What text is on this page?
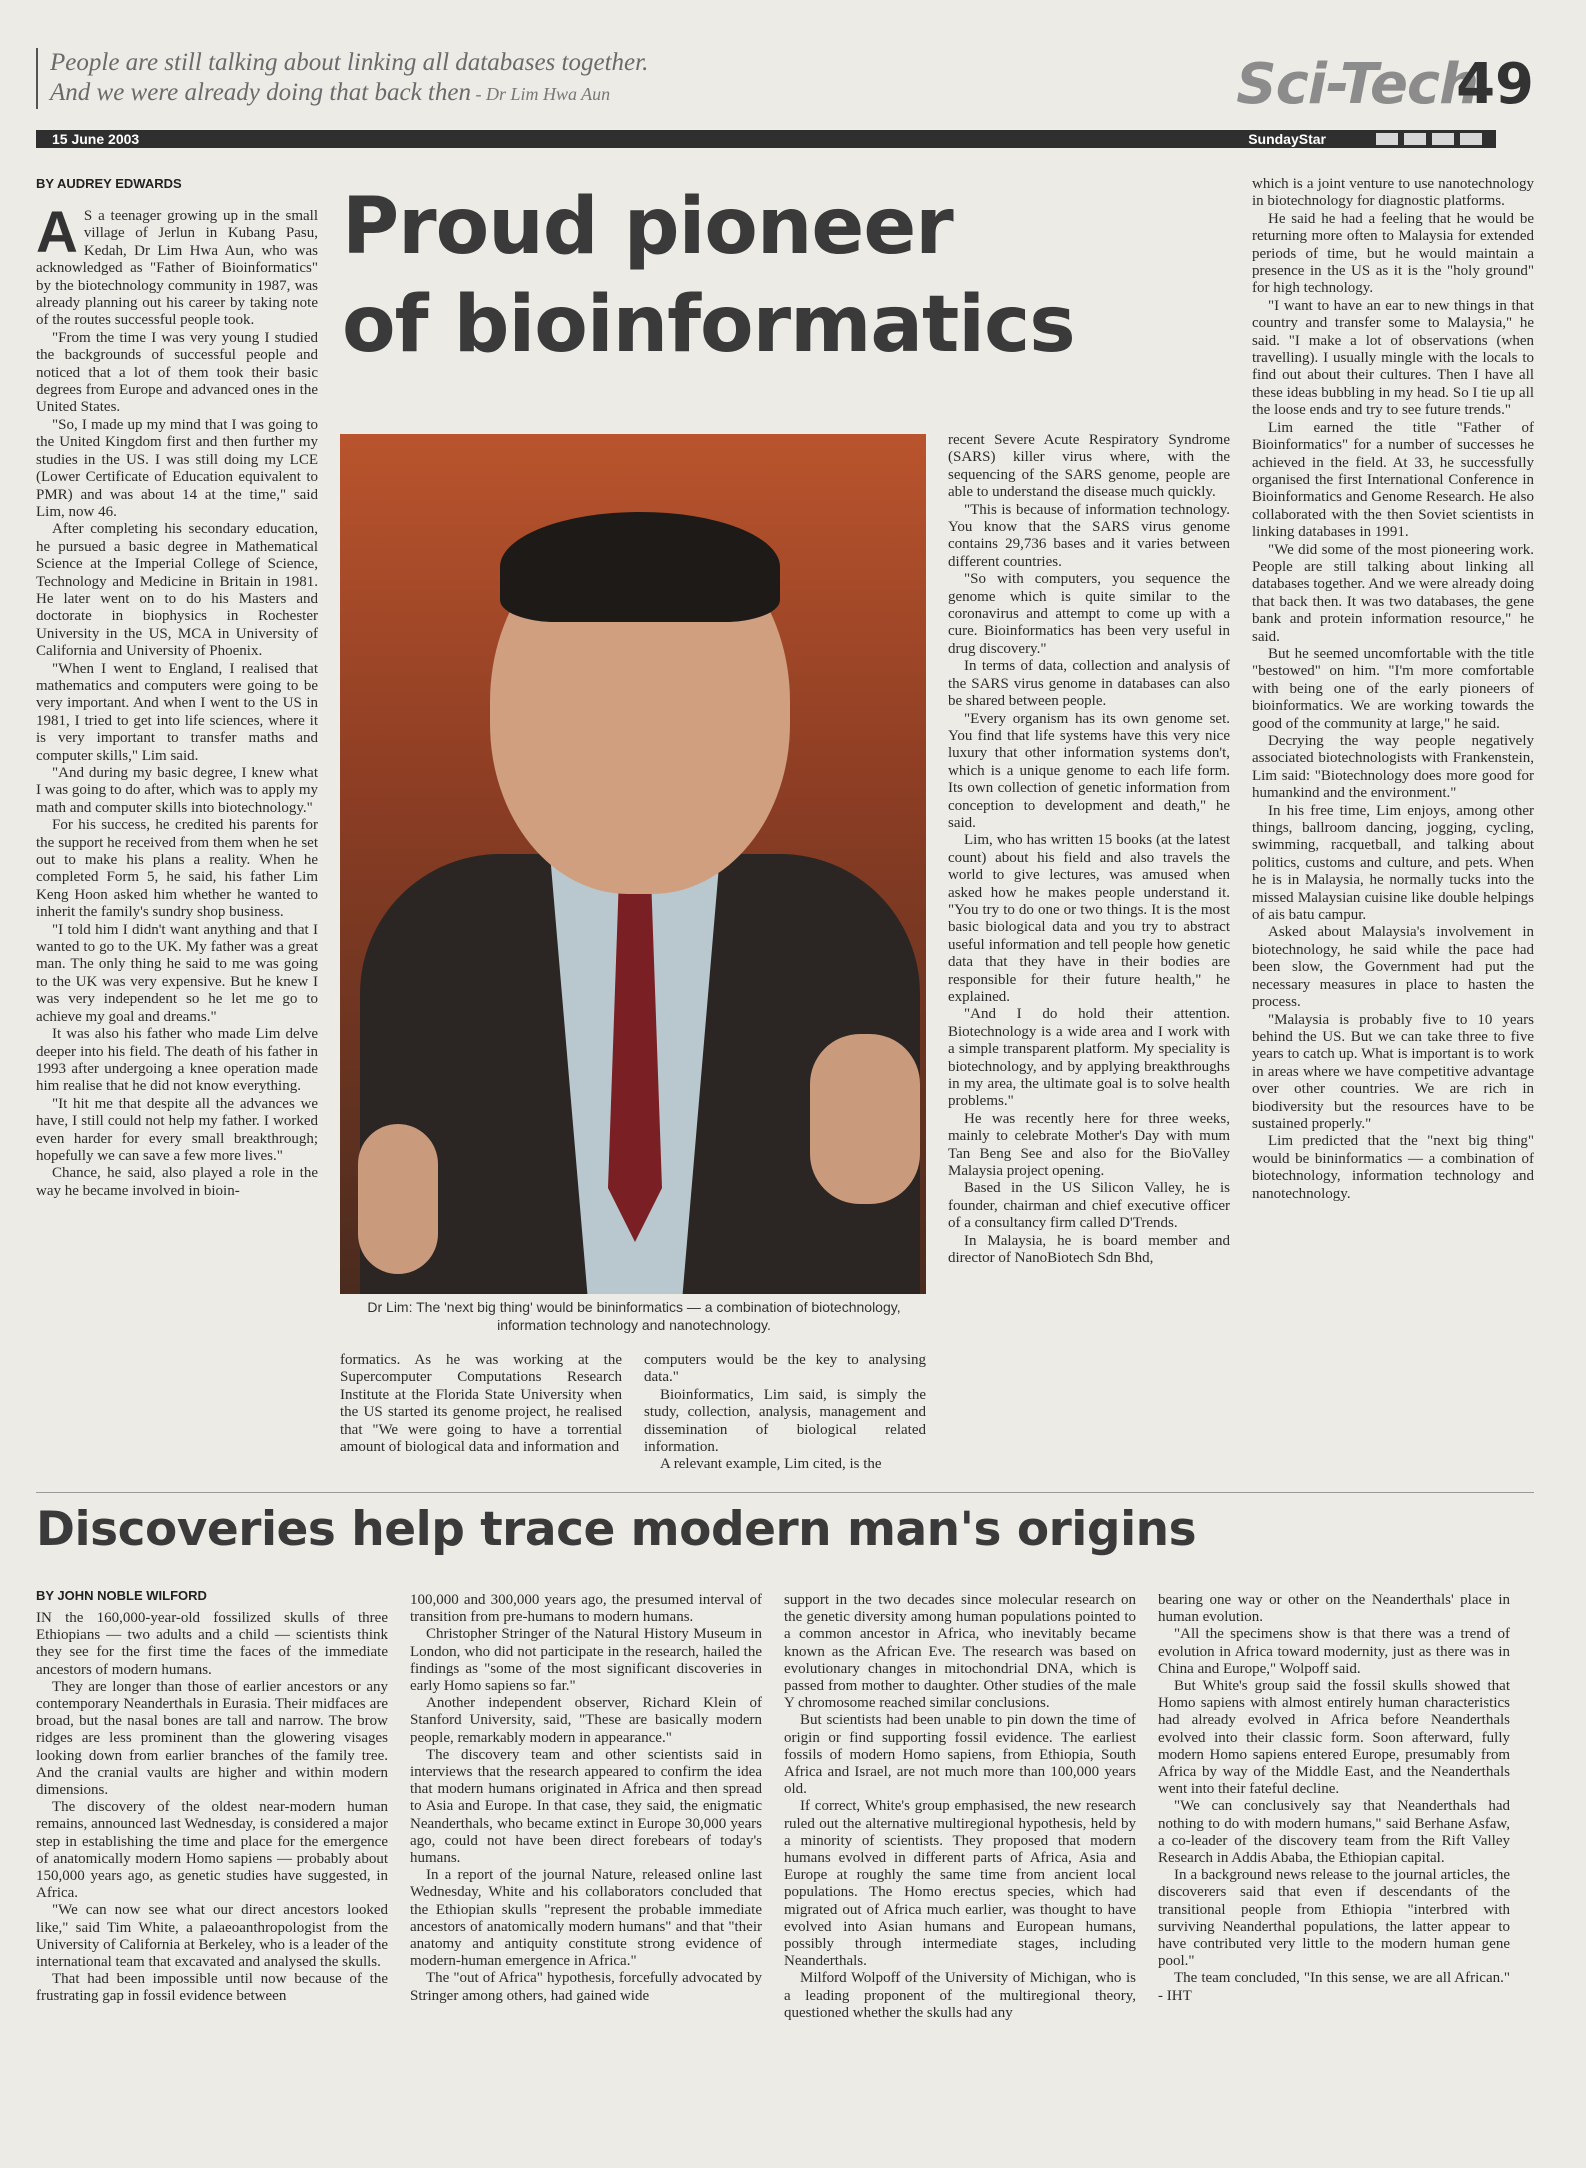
People are still talking about linking all databases together.
And we were already doing that back then - Dr Lim Hwa Aun	Sci-Tech
49
15 June 2003	SundayStar
BY AUDREY EDWARDS Proud pioneer
of bioinformatics

A S a teenager growing up in the small village of Jerlun in Kubang Pasu, Kedah, Dr Lim Hwa Aun, who was acknowledged as "Father of Bioinformatics" by the biotechnology community in 1987, was already planning out his career by taking note of the routes successful people took.

"From the time I was very young I studied the backgrounds of successful people and noticed that a lot of them took their basic degrees from Europe and advanced ones in the United States.

"So, I made up my mind that I was going to the United Kingdom first and then further my studies in the US. I was still doing my LCE (Lower Certificate of Education equivalent to PMR) and was about 14 at the time," said Lim, now 46.

After completing his secondary education, he pursued a basic degree in Mathematical Science at the Imperial College of Science, Technology and Medicine in Britain in 1981. He later went on to do his Masters and doctorate in biophysics in Rochester University in the US, MCA in University of California and University of Phoenix.

"When I went to England, I realised that mathematics and computers were going to be very important. And when I went to the US in 1981, I tried to get into life sciences, where it is very important to transfer maths and computer skills," Lim said.

"And during my basic degree, I knew what I was going to do after, which was to apply my math and computer skills into biotechnology."

For his success, he credited his parents for the support he received from them when he set out to make his plans a reality. When he completed Form 5, he said, his father Lim Keng Hoon asked him whether he wanted to inherit the family's sundry shop business.

"I told him I didn't want anything and that I wanted to go to the UK. My father was a great man. The only thing he said to me was going to the UK was very expensive. But he knew I was very independent so he let me go to achieve my goal and dreams."

It was also his father who made Lim delve deeper into his field. The death of his father in 1993 after undergoing a knee operation made him realise that he did not know everything.

"It hit me that despite all the advances we have, I still could not help my father. I worked even harder for every small breakthrough; hopefully we can save a few more lives."

Chance, he said, also played a role in the way he became involved in bioin-

Dr Lim: The 'next big thing' would be bininformatics — a combination of biotechnology, information technology and nanotechnology.

formatics. As he was working at the Supercomputer Computations Research Institute at the Florida State University when the US started its genome project, he realised that "We were going to have a torrential amount of biological data and information and

computers would be the key to analysing data."

Bioinformatics, Lim said, is simply the study, collection, analysis, management and dissemination of biological related information.

A relevant example, Lim cited, is the

recent Severe Acute Respiratory Syndrome (SARS) killer virus where, with the sequencing of the SARS genome, people are able to understand the disease much quickly.

"This is because of information technology. You know that the SARS virus genome contains 29,736 bases and it varies between different countries.

"So with computers, you sequence the genome which is quite similar to the coronavirus and attempt to come up with a cure. Bioinformatics has been very useful in drug discovery."

In terms of data, collection and analysis of the SARS virus genome in databases can also be shared between people.

"Every organism has its own genome set. You find that life systems have this very nice luxury that other information systems don't, which is a unique genome to each life form. Its own collection of genetic information from conception to development and death," he said.

Lim, who has written 15 books (at the latest count) about his field and also travels the world to give lectures, was amused when asked how he makes people understand it. "You try to do one or two things. It is the most basic biological data and you try to abstract useful information and tell people how genetic data that they have in their bodies are responsible for their future health," he explained.

"And I do hold their attention. Biotechnology is a wide area and I work with a simple transparent platform. My speciality is biotechnology, and by applying breakthroughs in my area, the ultimate goal is to solve health problems."

He was recently here for three weeks, mainly to celebrate Mother's Day with mum Tan Beng See and also for the BioValley Malaysia project opening.

Based in the US Silicon Valley, he is founder, chairman and chief executive officer of a consultancy firm called D'Trends.

In Malaysia, he is board member and director of NanoBiotech Sdn Bhd,

which is a joint venture to use nanotechnology in biotechnology for diagnostic platforms.

He said he had a feeling that he would be returning more often to Malaysia for extended periods of time, but he would maintain a presence in the US as it is the "holy ground" for high technology.

"I want to have an ear to new things in that country and transfer some to Malaysia," he said. "I make a lot of observations (when travelling). I usually mingle with the locals to find out about their cultures. Then I have all these ideas bubbling in my head. So I tie up all the loose ends and try to see future trends."

Lim earned the title "Father of Bioinformatics" for a number of successes he achieved in the field. At 33, he successfully organised the first International Conference in Bioinformatics and Genome Research. He also collaborated with the then Soviet scientists in linking databases in 1991.

"We did some of the most pioneering work. People are still talking about linking all databases together. And we were already doing that back then. It was two databases, the gene bank and protein information resource," he said.

But he seemed uncomfortable with the title "bestowed" on him. "I'm more comfortable with being one of the early pioneers of bioinformatics. We are working towards the good of the community at large," he said.

Decrying the way people negatively associated biotechnologists with Frankenstein, Lim said: "Biotechnology does more good for humankind and the environment."

In his free time, Lim enjoys, among other things, ballroom dancing, jogging, cycling, swimming, racquetball, and talking about politics, customs and culture, and pets. When he is in Malaysia, he normally tucks into the missed Malaysian cuisine like double helpings of ais batu campur.

Asked about Malaysia's involvement in biotechnology, he said while the pace had been slow, the Government had put the necessary measures in place to hasten the process.

"Malaysia is probably five to 10 years behind the US. But we can take three to five years to catch up. What is important is to work in areas where we have competitive advantage over other countries. We are rich in biodiversity but the resources have to be sustained properly."

Lim predicted that the "next big thing" would be bininformatics — a combination of biotechnology, information technology and nanotechnology.

Discoveries help trace modern man's origins
BY JOHN NOBLE WILFORD

IN the 160,000-year-old fossilized skulls of three Ethiopians — two adults and a child — scientists think they see for the first time the faces of the immediate ancestors of modern humans.

They are longer than those of earlier ancestors or any contemporary Neanderthals in Eurasia. Their midfaces are broad, but the nasal bones are tall and narrow. The brow ridges are less prominent than the glowering visages looking down from earlier branches of the family tree. And the cranial vaults are higher and within modern dimensions.

The discovery of the oldest near-modern human remains, announced last Wednesday, is considered a major step in establishing the time and place for the emergence of anatomically modern Homo sapiens — probably about 150,000 years ago, as genetic studies have suggested, in Africa.

"We can now see what our direct ancestors looked like," said Tim White, a palaeoanthropologist from the University of California at Berkeley, who is a leader of the international team that excavated and analysed the skulls.

That had been impossible until now because of the frustrating gap in fossil evidence between

100,000 and 300,000 years ago, the presumed interval of transition from pre-humans to modern humans.

Christopher Stringer of the Natural History Museum in London, who did not participate in the research, hailed the findings as "some of the most significant discoveries in early Homo sapiens so far."

Another independent observer, Richard Klein of Stanford University, said, "These are basically modern people, remarkably modern in appearance."

The discovery team and other scientists said in interviews that the research appeared to confirm the idea that modern humans originated in Africa and then spread to Asia and Europe. In that case, they said, the enigmatic Neanderthals, who became extinct in Europe 30,000 years ago, could not have been direct forebears of today's humans.

In a report of the journal Nature, released online last Wednesday, White and his collaborators concluded that the Ethiopian skulls "represent the probable immediate ancestors of anatomically modern humans" and that "their anatomy and antiquity constitute strong evidence of modern-human emergence in Africa."

The "out of Africa" hypothesis, forcefully advocated by Stringer among others, had gained wide

support in the two decades since molecular research on the genetic diversity among human populations pointed to a common ancestor in Africa, who inevitably became known as the African Eve. The research was based on evolutionary changes in mitochondrial DNA, which is passed from mother to daughter. Other studies of the male Y chromosome reached similar conclusions.

But scientists had been unable to pin down the time of origin or find supporting fossil evidence. The earliest fossils of modern Homo sapiens, from Ethiopia, South Africa and Israel, are not much more than 100,000 years old.

If correct, White's group emphasised, the new research ruled out the alternative multiregional hypothesis, held by a minority of scientists. They proposed that modern humans evolved in different parts of Africa, Asia and Europe at roughly the same time from ancient local populations. The Homo erectus species, which had migrated out of Africa much earlier, was thought to have evolved into Asian humans and European humans, possibly through intermediate stages, including Neanderthals.

Milford Wolpoff of the University of Michigan, who is a leading proponent of the multiregional theory, questioned whether the skulls had any

bearing one way or other on the Neanderthals' place in human evolution.

"All the specimens show is that there was a trend of evolution in Africa toward modernity, just as there was in China and Europe," Wolpoff said.

But White's group said the fossil skulls showed that Homo sapiens with almost entirely human characteristics had already evolved in Africa before Neanderthals evolved into their classic form. Soon afterward, fully modern Homo sapiens entered Europe, presumably from Africa by way of the Middle East, and the Neanderthals went into their fateful decline.

"We can conclusively say that Neanderthals had nothing to do with modern humans," said Berhane Asfaw, a co-leader of the discovery team from the Rift Valley Research in Addis Ababa, the Ethiopian capital.

In a background news release to the journal articles, the discoverers said that even if descendants of the transitional people from Ethiopia "interbred with surviving Neanderthal populations, the latter appear to have contributed very little to the modern human gene pool."

The team concluded, "In this sense, we are all African." - IHT
